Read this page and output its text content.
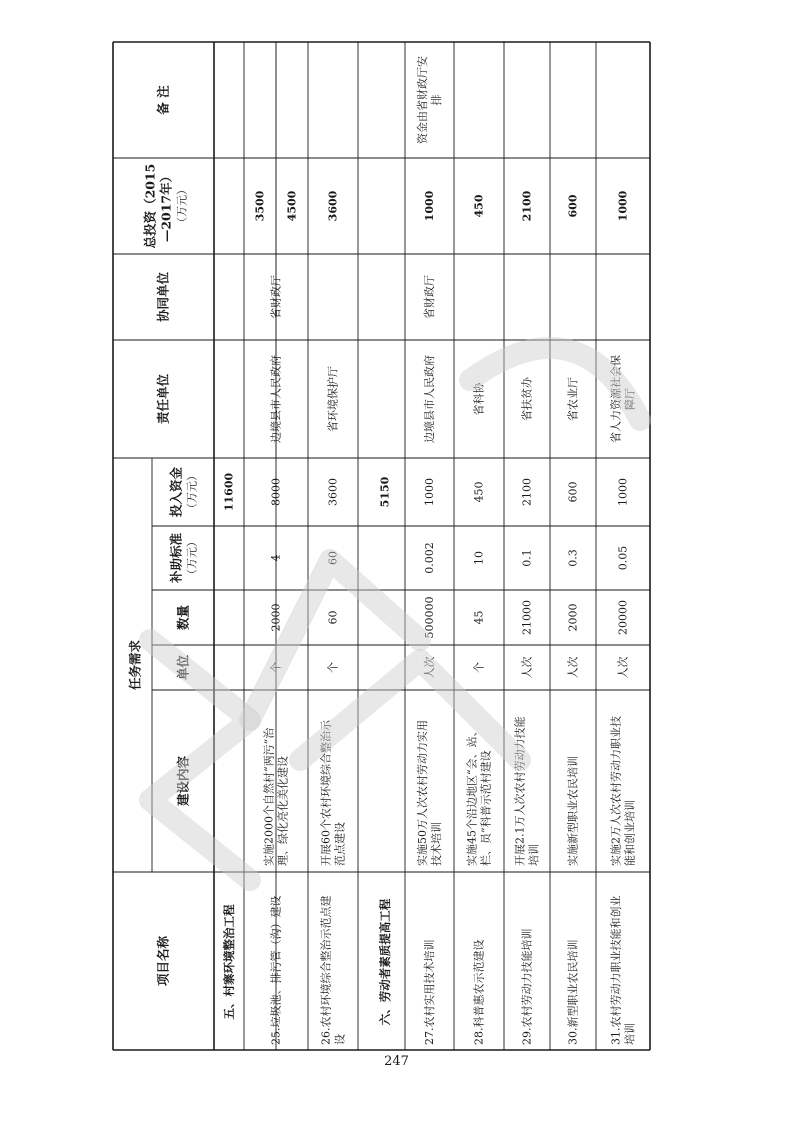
项目名称
建设内容
任务需求	单位
数量
补助标准 （万元）
投入资金 （万元）
责任单位
协同单位
总投资（2015 —2017年） （万元）
备 注
五、村寨环境整治工程
11600
六、劳动者素质提高工程
5150
25.垃圾池、排污管（沟）建设
实施2000个自然村“两污”治 理、绿化亮化美化建设
个
2000
4
8000
边境县市人民政府
省财政厅
3500 4500
26.农村环境综合整治示范点建 设
开展60个农村环境综合整治示 范点建设
个
60
60
3600
省环境保护厅
3600
27.农村实用技术培训
实施50万人次农村劳动力实用 技术培训
人次
500000
0.002
1000
边境县市人民政府
省财政厅
1000
资金由省财政厅安 排
28.科普惠农示范建设
实施45个沿边地区“会、站、 栏、员”科普示范村建设
个
45
10
450
省科协
450
29.农村劳动力技能培训
开展2.1万人次农村劳动力技能 培训
人次
21000
0.1
2100
省扶贫办
2100
30.新型职业农民培训
实施新型职业农民培训
人次
2000
0.3
600
省农业厅
600
31.农村劳动力职业技能和创业 培训
实施2万人次农村劳动力职业技 能和创业培训
人次
20000
0.05
1000
省人力资源社会保 障厅
1000
247
